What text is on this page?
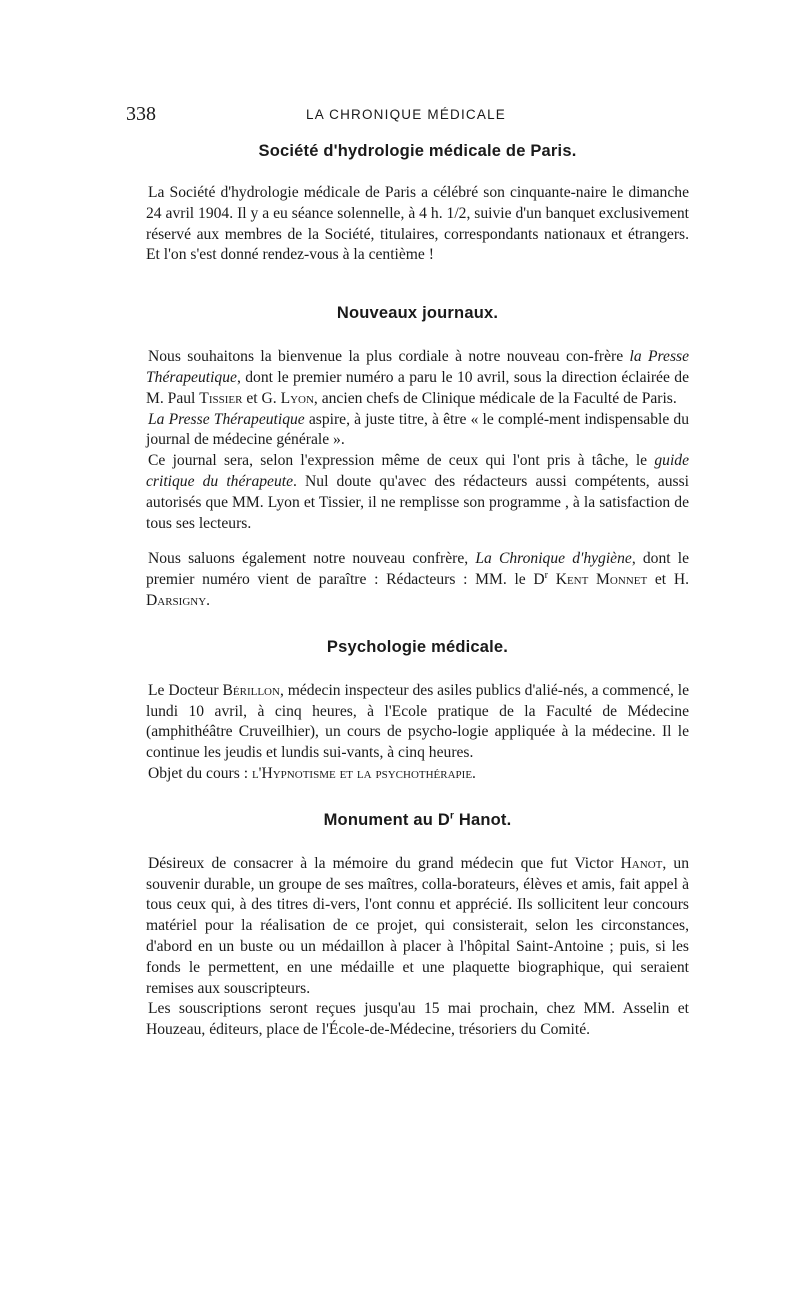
338	LA CHRONIQUE MÉDICALE
Société d'hydrologie médicale de Paris.

La Société d'hydrologie médicale de Paris a célébré son cinquante-naire le dimanche 24 avril 1904. Il y a eu séance solennelle, à 4 h. 1/2, suivie d'un banquet exclusivement réservé aux membres de la Société, titulaires, correspondants nationaux et étrangers. Et l'on s'est donné rendez-vous à la centième !

Nouveaux journaux.

Nous souhaitons la bienvenue la plus cordiale à notre nouveau con-frère la Presse Thérapeutique, dont le premier numéro a paru le 10 avril, sous la direction éclairée de M. Paul Tissier et G. Lyon, ancien chefs de Clinique médicale de la Faculté de Paris.

La Presse Thérapeutique aspire, à juste titre, à être « le complé-ment indispensable du journal de médecine générale ».

Ce journal sera, selon l'expression même de ceux qui l'ont pris à tâche, le guide critique du thérapeute. Nul doute qu'avec des rédacteurs aussi compétents, aussi autorisés que MM. Lyon et Tissier, il ne remplisse son programme , à la satisfaction de tous ses lecteurs.

Nous saluons également notre nouveau confrère, La Chronique d'hygiène, dont le premier numéro vient de paraître : Rédacteurs : MM. le $D^r$ Kent Monnet et H. Darsigny.

Psychologie médicale.

Le Docteur Bérillon, médecin inspecteur des asiles publics d'alié-nés, a commencé, le lundi 10 avril, à cinq heures, à l'Ecole pratique de la Faculté de Médecine (amphithéâtre Cruveilhier), un cours de psycho-logie appliquée à la médecine. Il le continue les jeudis et lundis sui-vants, à cinq heures.

Objet du cours : l'Hypnotisme et la psychothérapie.

Monument au $D^r$ Hanot.

Désireux de consacrer à la mémoire du grand médecin que fut Victor Hanot, un souvenir durable, un groupe de ses maîtres, colla-borateurs, élèves et amis, fait appel à tous ceux qui, à des titres di-vers, l'ont connu et apprécié. Ils sollicitent leur concours matériel pour la réalisation de ce projet, qui consisterait, selon les circonstances, d'abord en un buste ou un médaillon à placer à l'hôpital Saint-Antoine ; puis, si les fonds le permettent, en une médaille et une plaquette biographique, qui seraient remises aux souscripteurs.

Les souscriptions seront reçues jusqu'au 15 mai prochain, chez MM. Asselin et Houzeau, éditeurs, place de l'École-de-Médecine, trésoriers du Comité.
